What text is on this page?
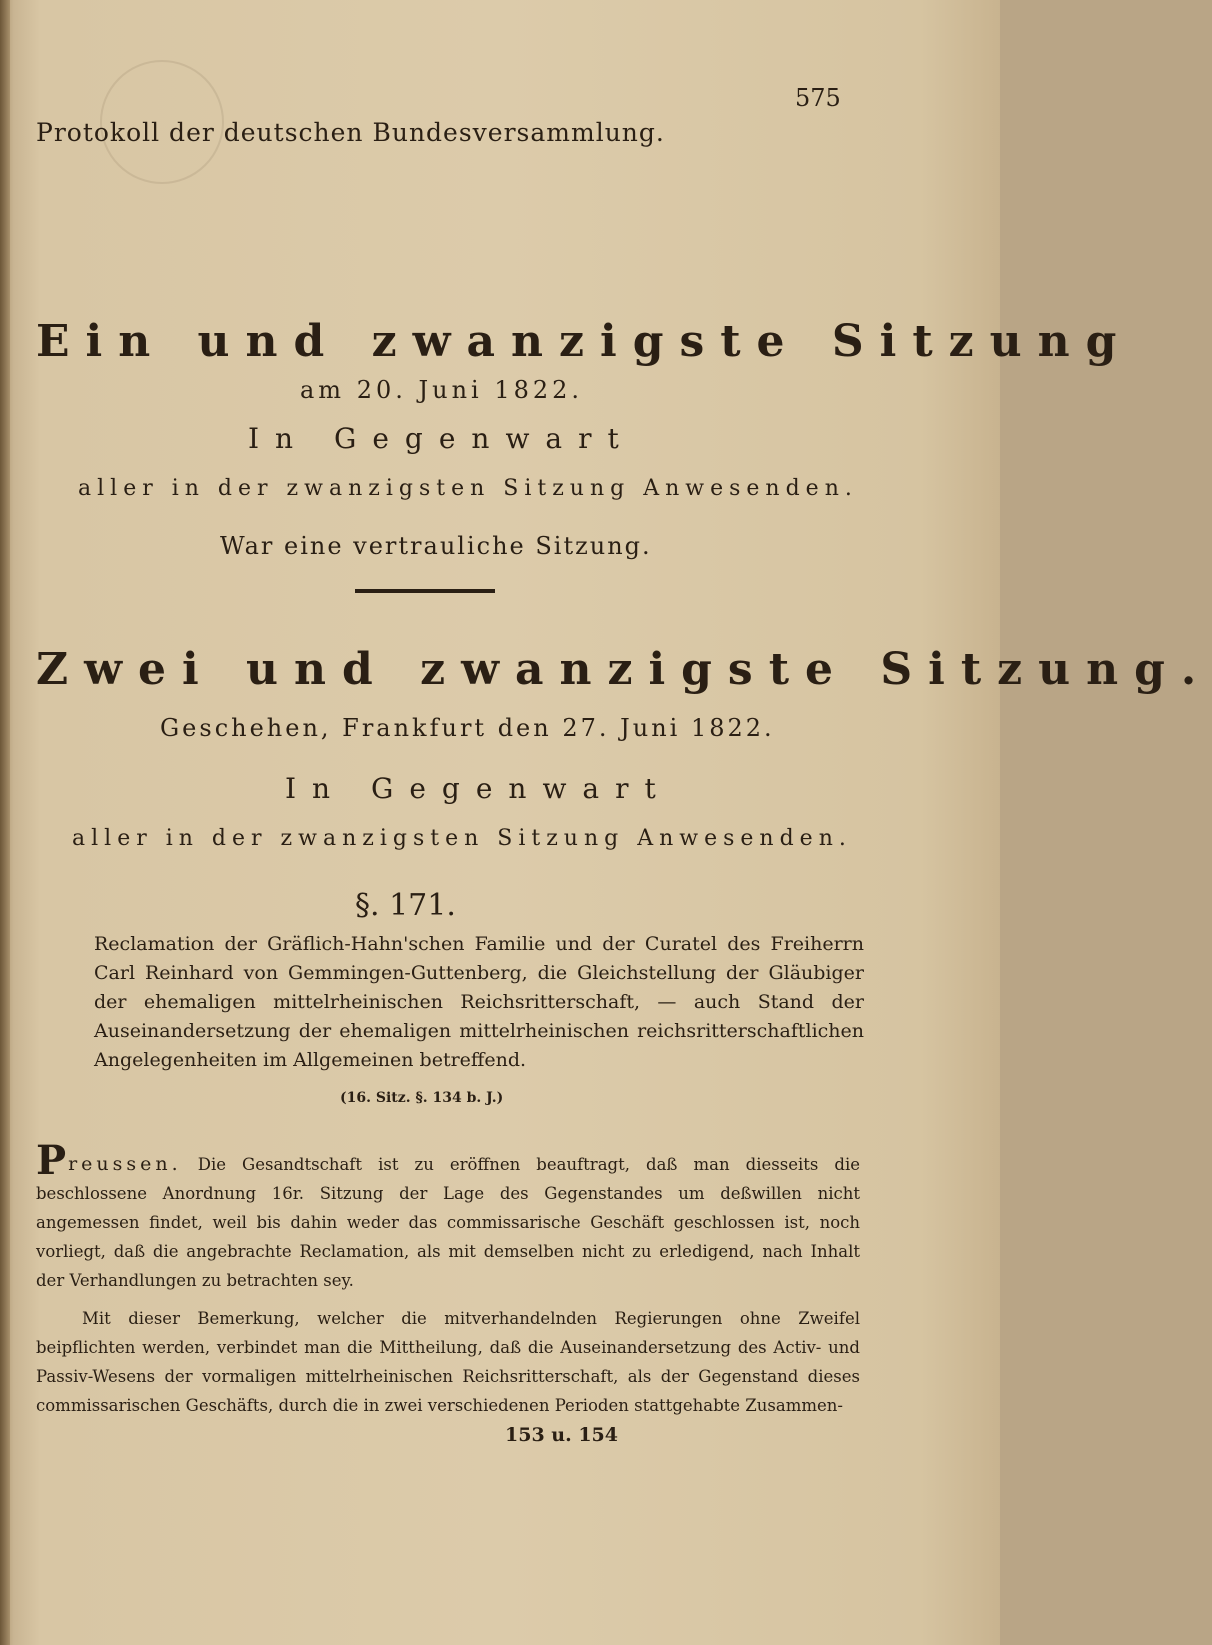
Protokoll der deutschen Bundesversammlung.
575
Ein und zwanzigste Sitzung
am 20. Juni 1822.
In Gegenwart
aller in der zwanzigsten Sitzung Anwesenden.
War eine vertrauliche Sitzung.
Zwei und zwanzigste Sitzung.
Geschehen, Frankfurt den 27. Juni 1822.
In Gegenwart
aller in der zwanzigsten Sitzung Anwesenden.
§. 171.
Reclamation der Gräflich-Hahn'schen Familie und der Curatel des Freiherrn Carl Reinhard von Gemmingen-Guttenberg, die Gleichstellung der Gläubiger der ehemaligen mittelrheinischen Reichsritterschaft, — auch Stand der Auseinandersetzung der ehemaligen mittelrheinischen reichsritterschaftlichen Angelegenheiten im Allgemeinen betreffend.
(16. Sitz. §. 134 b. J.)
Preussen. Die Gesandtschaft ist zu eröffnen beauftragt, daß man diesseits die beschlossene Anordnung 16r. Sitzung der Lage des Gegenstandes um deßwillen nicht angemessen findet, weil bis dahin weder das commissarische Geschäft geschlossen ist, noch vorliegt, daß die angebrachte Reclamation, als mit demselben nicht zu erledigend, nach Inhalt der Verhandlungen zu betrachten sey.
Mit dieser Bemerkung, welcher die mitverhandelnden Regierungen ohne Zweifel beipflichten werden, verbindet man die Mittheilung, daß die Auseinandersetzung des Activ- und Passiv-Wesens der vormaligen mittelrheinischen Reichsritterschaft, als der Gegenstand dieses commissarischen Geschäfts, durch die in zwei verschiedenen Perioden stattgehabte Zusammen-
153 u. 154
